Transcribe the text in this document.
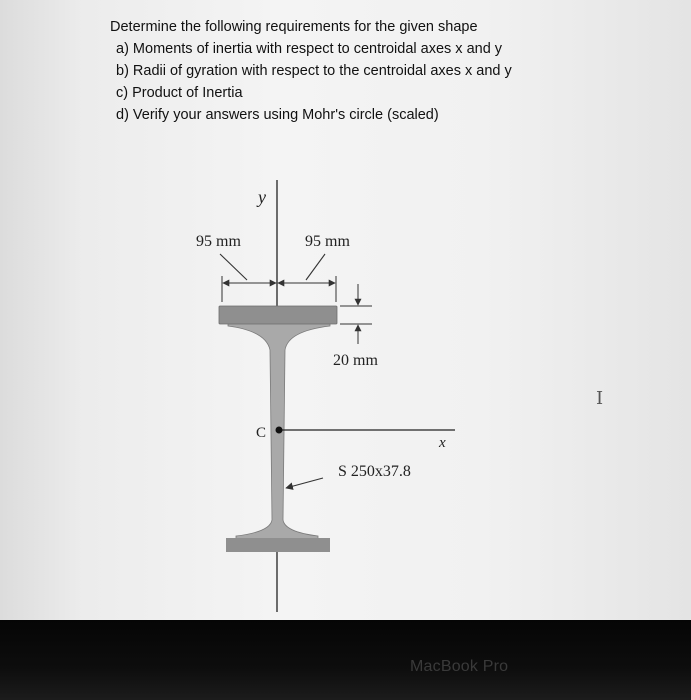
Determine the following requirements for the given shape
a) Moments of inertia with respect to centroidal axes x and y
b) Radii of gyration with respect to the centroidal axes x and y
c) Product of Inertia
d) Verify your answers using Mohr's circle (scaled)
y
x
C
95 mm	95 mm
20 mm
S 250x37.8
I
MacBook Pro
